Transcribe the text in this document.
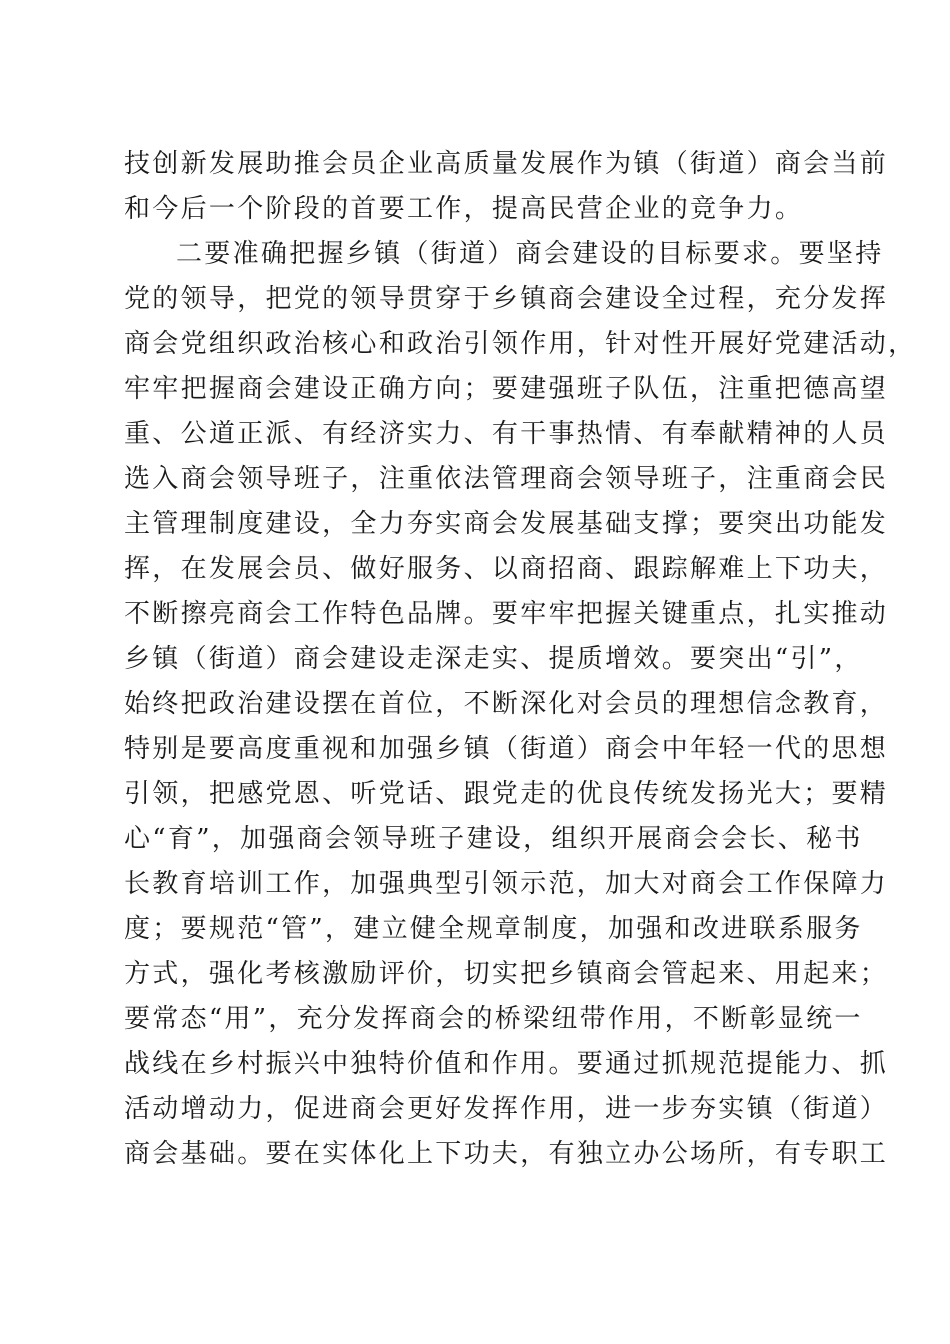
技创新发展助推会员企业高质量发展作为镇（街道）商会当前
和今后一个阶段的首要工作，提高民营企业的竞争力。
二要准确把握乡镇（街道）商会建设的目标要求。要坚持
党的领导，把党的领导贯穿于乡镇商会建设全过程，充分发挥
商会党组织政治核心和政治引领作用，针对性开展好党建活动，
牢牢把握商会建设正确方向；要建强班子队伍，注重把德高望
重、公道正派、有经济实力、有干事热情、有奉献精神的人员
选入商会领导班子，注重依法管理商会领导班子，注重商会民
主管理制度建设，全力夯实商会发展基础支撑；要突出功能发
挥，在发展会员、做好服务、以商招商、跟踪解难上下功夫，
不断擦亮商会工作特色品牌。要牢牢把握关键重点，扎实推动
乡镇（街道）商会建设走深走实、提质增效。要突出“引”，
始终把政治建设摆在首位，不断深化对会员的理想信念教育，
特别是要高度重视和加强乡镇（街道）商会中年轻一代的思想
引领，把感党恩、听党话、跟党走的优良传统发扬光大；要精
心“育”，加强商会领导班子建设，组织开展商会会长、秘书
长教育培训工作，加强典型引领示范，加大对商会工作保障力
度；要规范“管”，建立健全规章制度，加强和改进联系服务
方式，强化考核激励评价，切实把乡镇商会管起来、用起来；
要常态“用”，充分发挥商会的桥梁纽带作用，不断彰显统一
战线在乡村振兴中独特价值和作用。要通过抓规范提能力、抓
活动增动力，促进商会更好发挥作用，进一步夯实镇（街道）
商会基础。要在实体化上下功夫，有独立办公场所，有专职工
